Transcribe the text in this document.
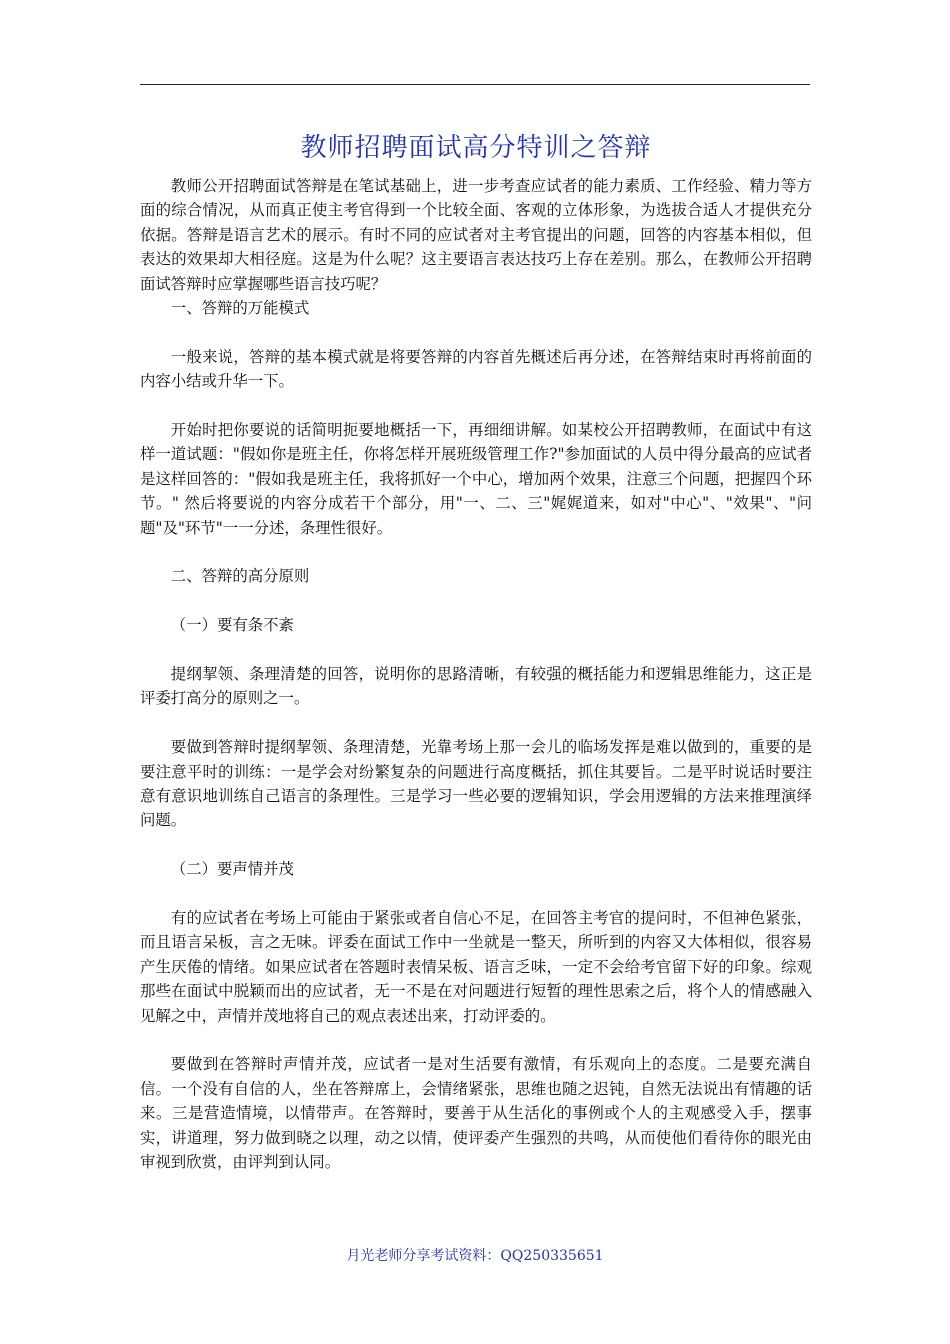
教师招聘面试高分特训之答辩

教师公开招聘面试答辩是在笔试基础上，进一步考查应试者的能力素质、工作经验、精力等方面的综合情况，从而真正使主考官得到一个比较全面、客观的立体形象，为选拔合适人才提供充分依据。答辩是语言艺术的展示。有时不同的应试者对主考官提出的问题，回答的内容基本相似，但表达的效果却大相径庭。这是为什么呢？这主要语言表达技巧上存在差别。那么，在教师公开招聘面试答辩时应掌握哪些语言技巧呢？

一、答辩的万能模式

一般来说，答辩的基本模式就是将要答辩的内容首先概述后再分述，在答辩结束时再将前面的内容小结或升华一下。

开始时把你要说的话简明扼要地概括一下，再细细讲解。如某校公开招聘教师，在面试中有这样一道试题："假如你是班主任，你将怎样开展班级管理工作?"参加面试的人员中得分最高的应试者是这样回答的："假如我是班主任，我将抓好一个中心，增加两个效果，注意三个问题，把握四个环节。" 然后将要说的内容分成若干个部分，用"一、二、三"娓娓道来，如对"中心"、"效果"、"问题"及"环节"一一分述，条理性很好。

二、答辩的高分原则

（一）要有条不紊

提纲挈领、条理清楚的回答，说明你的思路清晰，有较强的概括能力和逻辑思维能力，这正是评委打高分的原则之一。

要做到答辩时提纲挈领、条理清楚，光靠考场上那一会儿的临场发挥是难以做到的，重要的是要注意平时的训练：一是学会对纷繁复杂的问题进行高度概括，抓住其要旨。二是平时说话时要注意有意识地训练自己语言的条理性。三是学习一些必要的逻辑知识，学会用逻辑的方法来推理演绎问题。

（二）要声情并茂

有的应试者在考场上可能由于紧张或者自信心不足，在回答主考官的提问时，不但神色紧张，而且语言呆板，言之无味。评委在面试工作中一坐就是一整天，所听到的内容又大体相似，很容易产生厌倦的情绪。如果应试者在答题时表情呆板、语言乏味，一定不会给考官留下好的印象。综观那些在面试中脱颖而出的应试者，无一不是在对问题进行短暂的理性思索之后，将个人的情感融入见解之中，声情并茂地将自己的观点表述出来，打动评委的。

要做到在答辩时声情并茂，应试者一是对生活要有激情，有乐观向上的态度。二是要充满自信。一个没有自信的人，坐在答辩席上，会情绪紧张，思维也随之迟钝，自然无法说出有情趣的话来。三是营造情境，以情带声。在答辩时，要善于从生活化的事例或个人的主观感受入手，摆事实，讲道理，努力做到晓之以理，动之以情，使评委产生强烈的共鸣，从而使他们看待你的眼光由审视到欣赏，由评判到认同。

月光老师分享考试资料：QQ250335651
